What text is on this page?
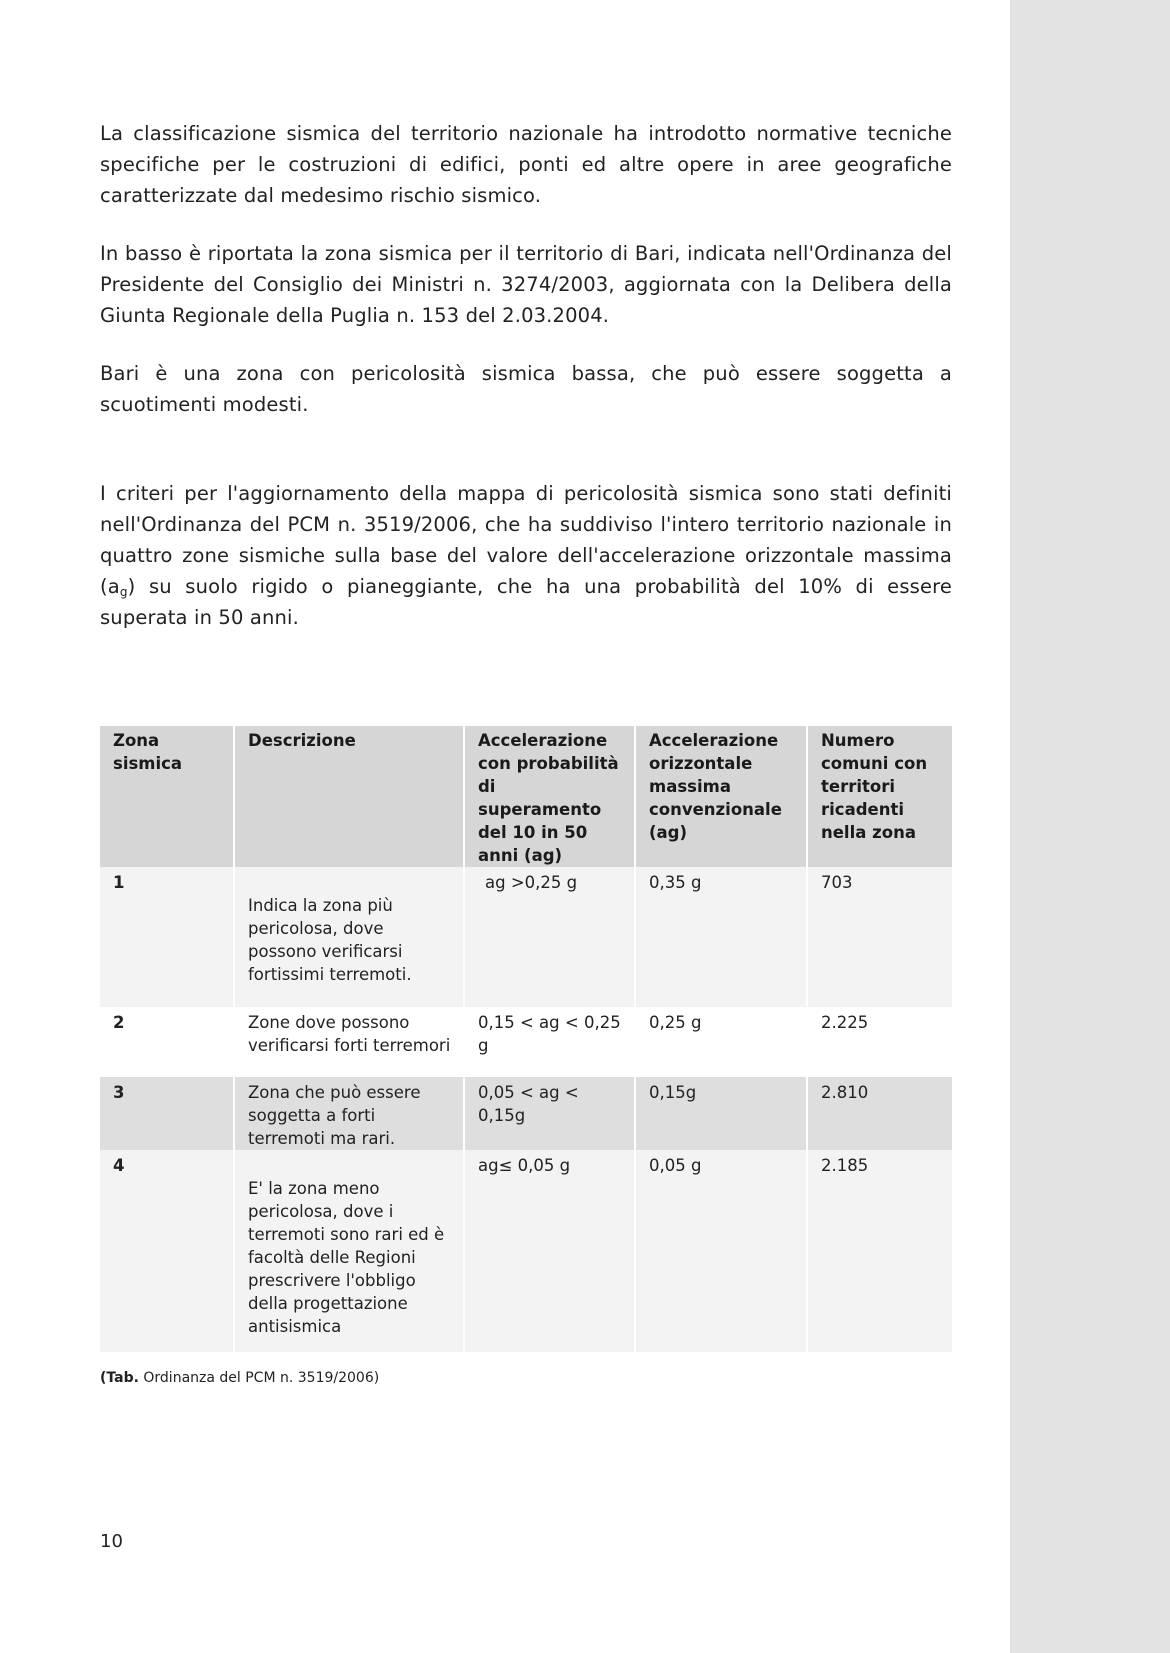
La classificazione sismica del territorio nazionale ha introdotto normative tecniche specifiche per le costruzioni di edifici, ponti ed altre opere in aree geografiche caratterizzate dal medesimo rischio sismico.

In basso è riportata la zona sismica per il territorio di Bari, indicata nell'Ordinanza del Presidente del Consiglio dei Ministri n. 3274/2003, aggiornata con la Delibera della Giunta Regionale della Puglia n. 153 del 2.03.2004.

Bari è una zona con pericolosità sismica bassa, che può essere soggetta a scuotimenti modesti.

I criteri per l'aggiornamento della mappa di pericolosità sismica sono stati definiti nell'Ordinanza del PCM n. 3519/2006, che ha suddiviso l'intero territorio nazionale in quattro zone sismiche sulla base del valore dell'accelerazione orizzontale massima $(a_g)$ su suolo rigido o pianeggiante, che ha una probabilità del 10% di essere superata in 50 anni.

Zona sismica	Descrizione	Accelerazione con probabilità di superamento del 10 in 50 anni (ag)	Accelerazione orizzontale massima convenzionale (ag)	Numero comuni con territori ricadenti nella zona
1	Indica la zona più pericolosa, dove possono verificarsi fortissimi terremoti.	ag >0,25 g	0,35 g	703
2	Zone dove possono verificarsi forti terremori	0,15 < ag < 0,25 g	0,25 g	2.225
3	Zona che può essere soggetta a forti terremoti ma rari.	0,05 < ag < 0,15g	0,15g	2.810
4	E' la zona meno pericolosa, dove i terremoti sono rari ed è facoltà delle Regioni prescrivere l'obbligo della progettazione antisismica	ag≤ 0,05 g	0,05 g	2.185
(Tab. Ordinanza del PCM n. 3519/2006)
10
